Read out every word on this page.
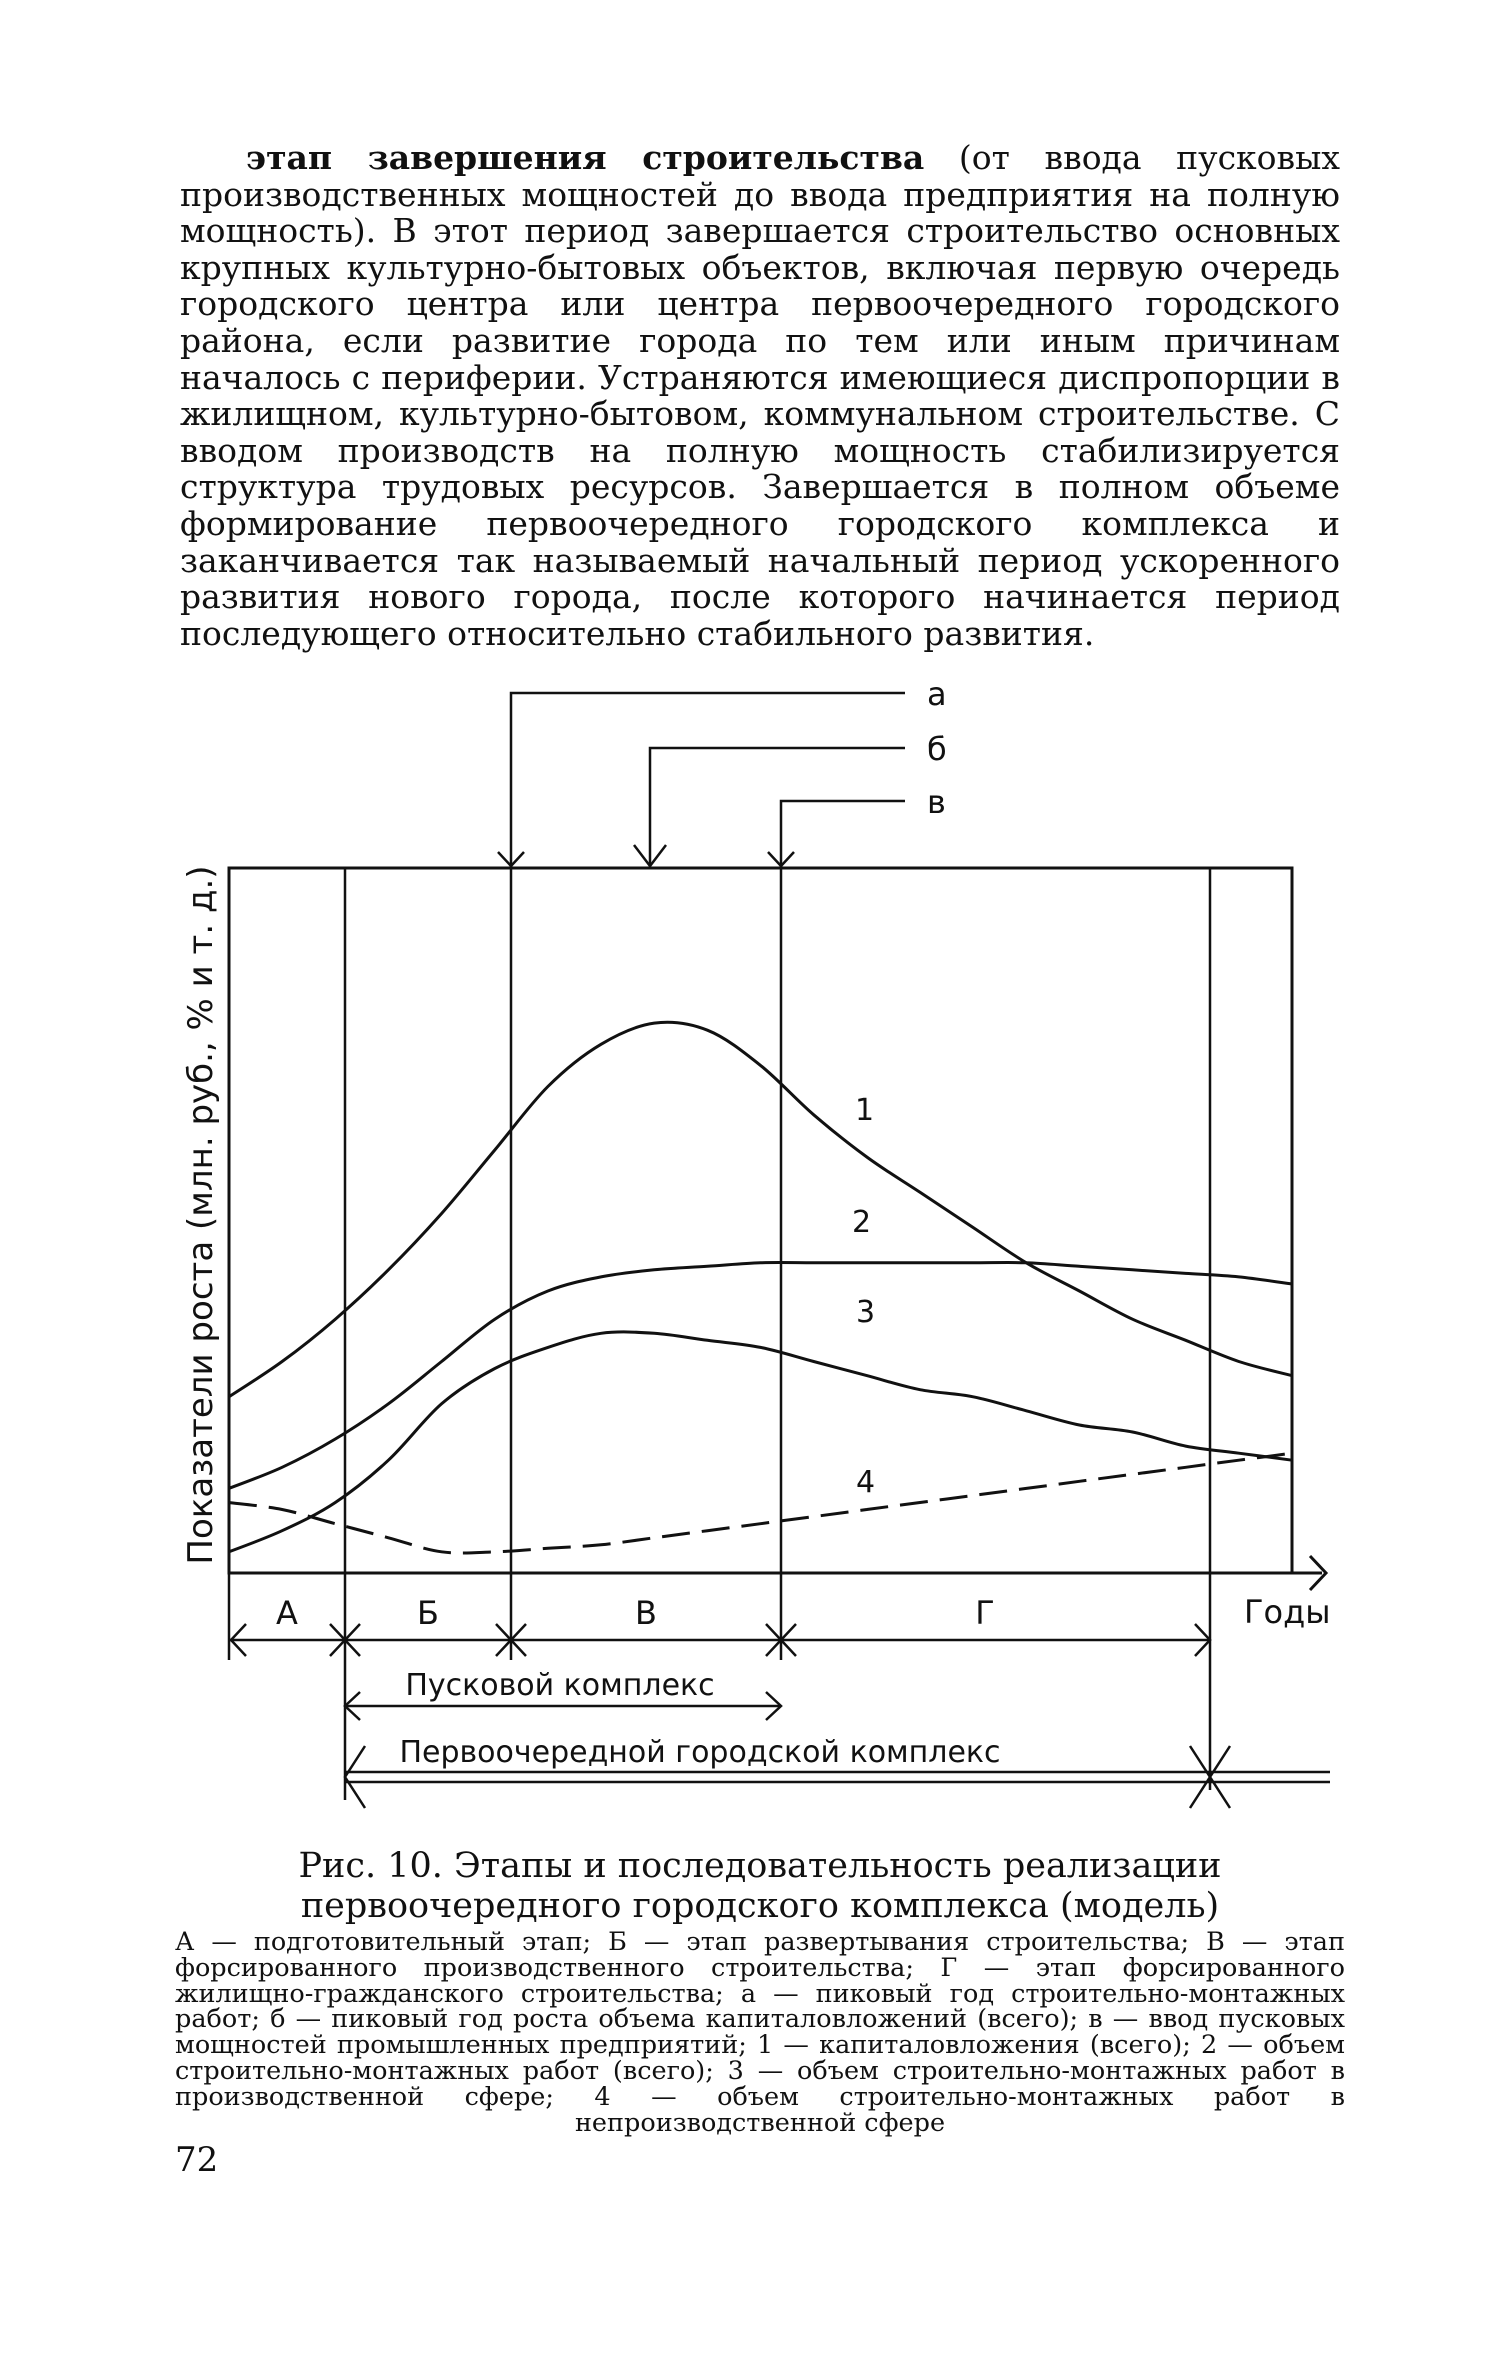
этап завершения строительства (от ввода пусковых производственных мощностей до ввода предприятия на полную мощность). В этот период завершается строительство основных крупных культурно-бытовых объектов, включая первую очередь городского центра или центра первоочередного городского района, если развитие города по тем или иным причинам началось с периферии. Устраняются имеющиеся диспропорции в жилищном, культурно-бытовом, коммунальном строительстве. С вводом производств на полную мощность стабилизируется структура трудовых ресурсов. Завершается в полном объеме формирование первоочередного городского комплекса и заканчивается так называемый начальный период ускоренного развития нового города, после которого начинается период последующего относительно стабильного развития.
а
б
в
Показатели роста (млн. руб., % и т. д.)
Годы
1
2
3
4
А	Б	В	Г
Пусковой комплекс
Первоочередной городской комплекс
Рис. 10. Этапы и последовательность реализации первоочередного городского комплекса (модель)
А — подготовительный этап; Б — этап развертывания строительства; В — этап форсированного производственного строительства; Г — этап форсированного жилищно-гражданского строительства; а — пиковый год строительно-монтажных работ; б — пиковый год роста объема капиталовложений (всего); в — ввод пусковых мощностей промышленных предприятий; 1 — капиталовложения (всего); 2 — объем строительно-монтажных работ (всего); 3 — объем строительно-монтажных работ в производственной сфере; 4 — объем строительно-монтажных работ в непроизводственной сфере
72
